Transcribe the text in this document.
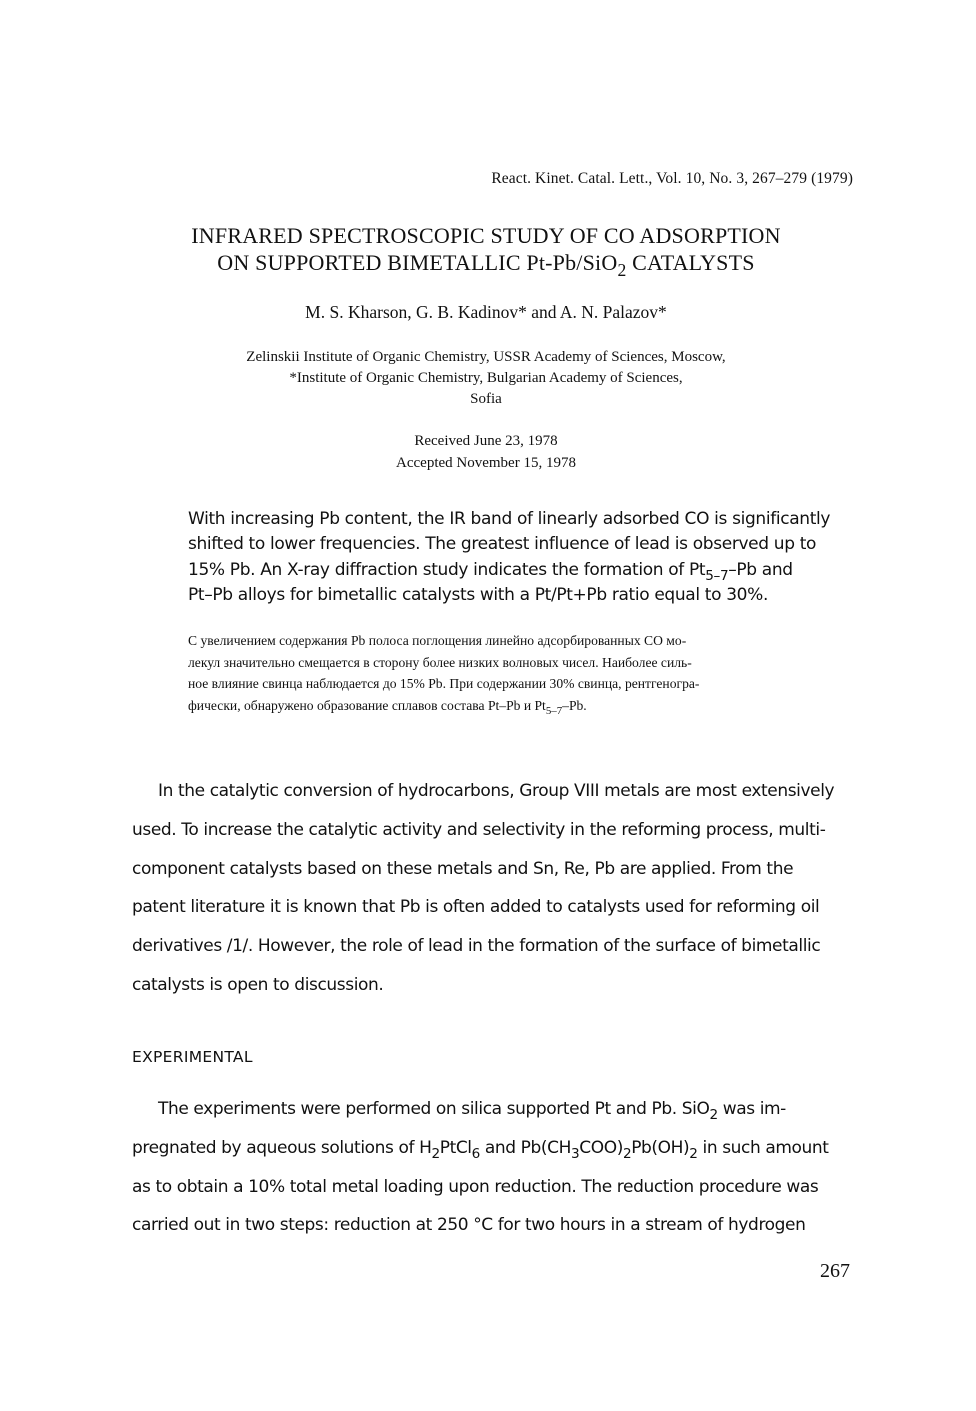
React. Kinet. Catal. Lett., Vol. 10, No. 3, 267–279 (1979)
INFRARED SPECTROSCOPIC STUDY OF CO ADSORPTION
ON SUPPORTED BIMETALLIC Pt-Pb/SiO$_2$ CATALYSTS
M. S. Kharson, G. B. Kadinov* and A. N. Palazov*
Zelinskii Institute of Organic Chemistry, USSR Academy of Sciences, Moscow,
*Institute of Organic Chemistry, Bulgarian Academy of Sciences,
Sofia
Received June 23, 1978
Accepted November 15, 1978
With increasing Pb content, the IR band of linearly adsorbed CO is significantly
shifted to lower frequencies. The greatest influence of lead is observed up to
15% Pb. An X-ray diffraction study indicates the formation of $Pt_{5-7}-Pb$ and
Pt–Pb alloys for bimetallic catalysts with a Pt/Pt+Pb ratio equal to 30%.
С увеличением содержания Pb полоса поглощения линейно адсорбированных CO мо-
лекул значительно смещается в сторону более низких волновых чисел. Наиболее силь-
ное влияние свинца наблюдается до 15% Pb. При содержании 30% свинца, рентгеногра-
фически, обнаружено образование сплавов состава Pt–Pb и $Pt_{5-7}-Pb$.
In the catalytic conversion of hydrocarbons, Group VIII metals are most extensively
used. To increase the catalytic activity and selectivity in the reforming process, multi-
component catalysts based on these metals and Sn, Re, Pb are applied. From the
patent literature it is known that Pb is often added to catalysts used for reforming oil
derivatives /1/. However, the role of lead in the formation of the surface of bimetallic
catalysts is open to discussion.
EXPERIMENTAL
The experiments were performed on silica supported Pt and Pb. SiO$_2$ was im-
pregnated by aqueous solutions of $H_2PtCl_6$ and $Pb(CH_3COO)_2Pb(OH)_2$ in such amount
as to obtain a 10% total metal loading upon reduction. The reduction procedure was
carried out in two steps: reduction at 250 °C for two hours in a stream of hydrogen
267
